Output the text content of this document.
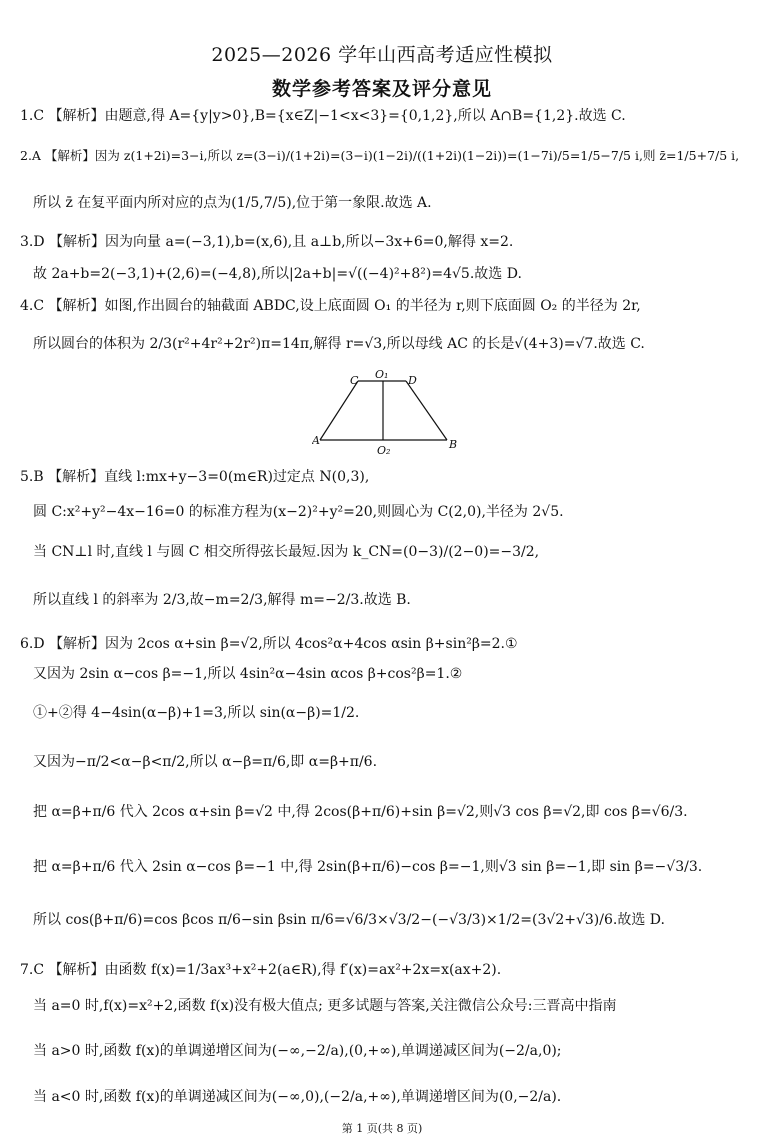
2025—2026 学年山西高考适应性模拟
数学参考答案及评分意见
1.C 【解析】由题意,得 A={y|y>0},B={x∈Z|−1<x<3}={0,1,2},所以 A∩B={1,2}.故选 C.
2.A 【解析】因为 z(1+2i)=3−i,所以 z=(3−i)/(1+2i)=(3−i)(1−2i)/((1+2i)(1−2i))=(1−7i)/5=1/5−7/5 i,则 z̄=1/5+7/5 i,
所以 z̄ 在复平面内所对应的点为(1/5,7/5),位于第一象限.故选 A.
3.D 【解析】因为向量 a=(−3,1),b=(x,6),且 a⊥b,所以−3x+6=0,解得 x=2.
故 2a+b=2(−3,1)+(2,6)=(−4,8),所以|2a+b|=√((−4)²+8²)=4√5.故选 D.
4.C 【解析】如图,作出圆台的轴截面 ABDC,设上底面圆 O₁ 的半径为 r,则下底面圆 O₂ 的半径为 2r,
所以圆台的体积为 2/3(r²+4r²+2r²)π=14π,解得 r=√3,所以母线 AC 的长是√(4+3)=√7.故选 C.
C O₁ D
A
O₂	B
5.B 【解析】直线 l:mx+y−3=0(m∈R)过定点 N(0,3),
圆 C:x²+y²−4x−16=0 的标准方程为(x−2)²+y²=20,则圆心为 C(2,0),半径为 2√5.
当 CN⊥l 时,直线 l 与圆 C 相交所得弦长最短.因为 k_CN=(0−3)/(2−0)=−3/2,
所以直线 l 的斜率为 2/3,故−m=2/3,解得 m=−2/3.故选 B.
6.D 【解析】因为 2cos α+sin β=√2,所以 4cos²α+4cos αsin β+sin²β=2.①
又因为 2sin α−cos β=−1,所以 4sin²α−4sin αcos β+cos²β=1.②
①+②得 4−4sin(α−β)+1=3,所以 sin(α−β)=1/2.
又因为−π/2<α−β<π/2,所以 α−β=π/6,即 α=β+π/6.
把 α=β+π/6 代入 2cos α+sin β=√2 中,得 2cos(β+π/6)+sin β=√2,则√3 cos β=√2,即 cos β=√6/3.
把 α=β+π/6 代入 2sin α−cos β=−1 中,得 2sin(β+π/6)−cos β=−1,则√3 sin β=−1,即 sin β=−√3/3.
所以 cos(β+π/6)=cos βcos π/6−sin βsin π/6=√6/3×√3/2−(−√3/3)×1/2=(3√2+√3)/6.故选 D.
7.C 【解析】由函数 f(x)=1/3ax³+x²+2(a∈R),得 f′(x)=ax²+2x=x(ax+2).
当 a=0 时,f(x)=x²+2,函数 f(x)没有极大值点; 更多试题与答案,关注微信公众号:三晋高中指南
当 a>0 时,函数 f(x)的单调递增区间为(−∞,−2/a),(0,+∞),单调递减区间为(−2/a,0);
当 a<0 时,函数 f(x)的单调递减区间为(−∞,0),(−2/a,+∞),单调递增区间为(0,−2/a).
第 1 页(共 8 页)
